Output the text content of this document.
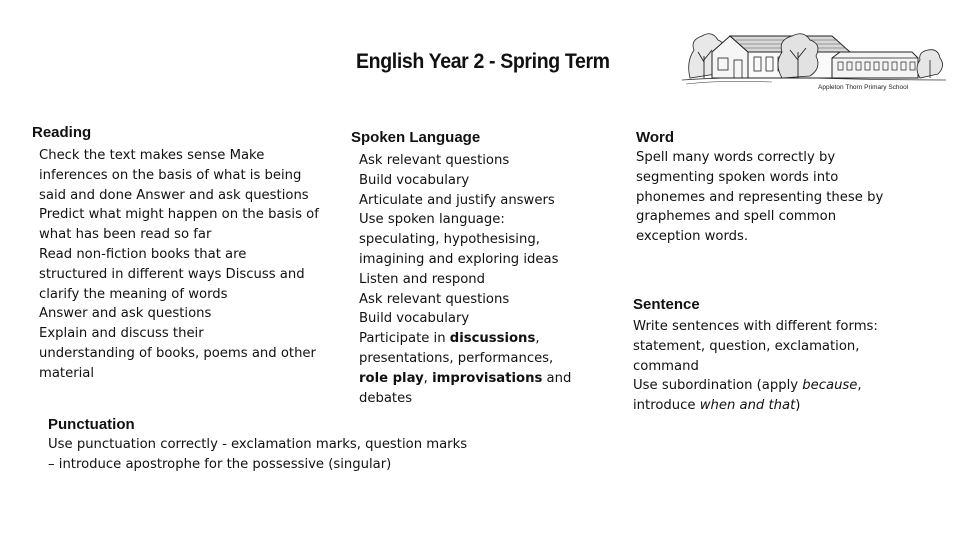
English Year 2 - Spring Term
Appleton Thorn Primary School
Reading
Check the text makes sense Make
inferences on the basis of what is being
said and done Answer and ask questions
Predict what might happen on the basis of
what has been read so far
Read non-fiction books that are
structured in different ways Discuss and
clarify the meaning of words
Answer and ask questions
Explain and discuss their
understanding of books, poems and other
material
Spoken Language
Ask relevant questions
Build vocabulary
Articulate and justify answers
Use spoken language:
speculating, hypothesising,
imagining and exploring ideas
Listen and respond
Ask relevant questions
Build vocabulary
Participate in discussions,
presentations, performances,
role play, improvisations and
debates
Word
Spell many words correctly by
segmenting spoken words into
phonemes and representing these by
graphemes and spell common
exception words.
Sentence
Write sentences with different forms:
statement, question, exclamation,
command
Use subordination (apply because,
introduce when and that)
Punctuation
Use punctuation correctly - exclamation marks, question marks
– introduce apostrophe for the possessive (singular)
